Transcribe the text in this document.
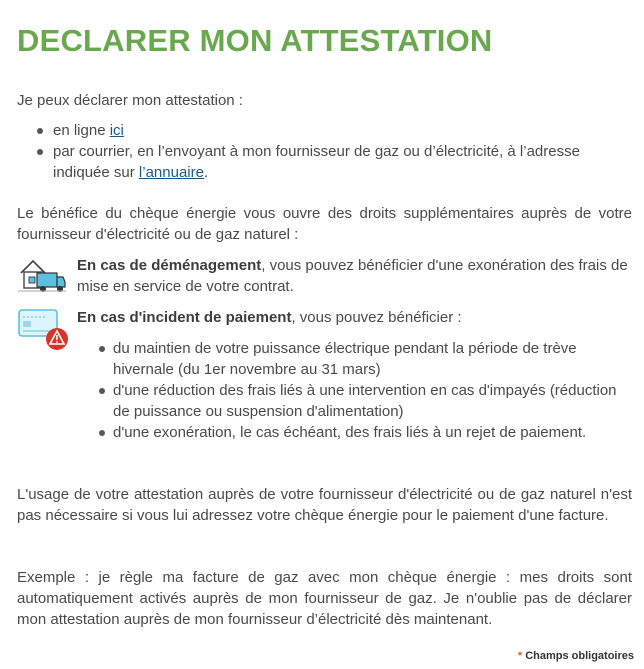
DECLARER MON ATTESTATION

Je peux déclarer mon attestation :

en ligne ici
par courrier, en l’envoyant à mon fournisseur de gaz ou d’électricité, à l’adresse indiquée sur l’annuaire.

Le bénéfice du chèque énergie vous ouvre des droits supplémentaires auprès de votre fournisseur d'électricité ou de gaz naturel :

En cas de déménagement, vous pouvez bénéficier d'une exonération des frais de mise en service de votre contrat.
En cas d'incident de paiement, vous pouvez bénéficier :
du maintien de votre puissance électrique pendant la période de trève hivernale (du 1er novembre au 31 mars)
d'une réduction des frais liés à une intervention en cas d'impayés (réduction de puissance ou suspension d'alimentation)
d'une exonération, le cas échéant, des frais liés à un rejet de paiement.

L'usage de votre attestation auprès de votre fournisseur d'électricité ou de gaz naturel n'est pas nécessaire si vous lui adressez votre chèque énergie pour le paiement d'une facture.

Exemple : je règle ma facture de gaz avec mon chèque énergie : mes droits sont automatiquement activés auprès de mon fournisseur de gaz. Je n'oublie pas de déclarer mon attestation auprès de mon fournisseur d’électricité dès maintenant.

* Champs obligatoires
